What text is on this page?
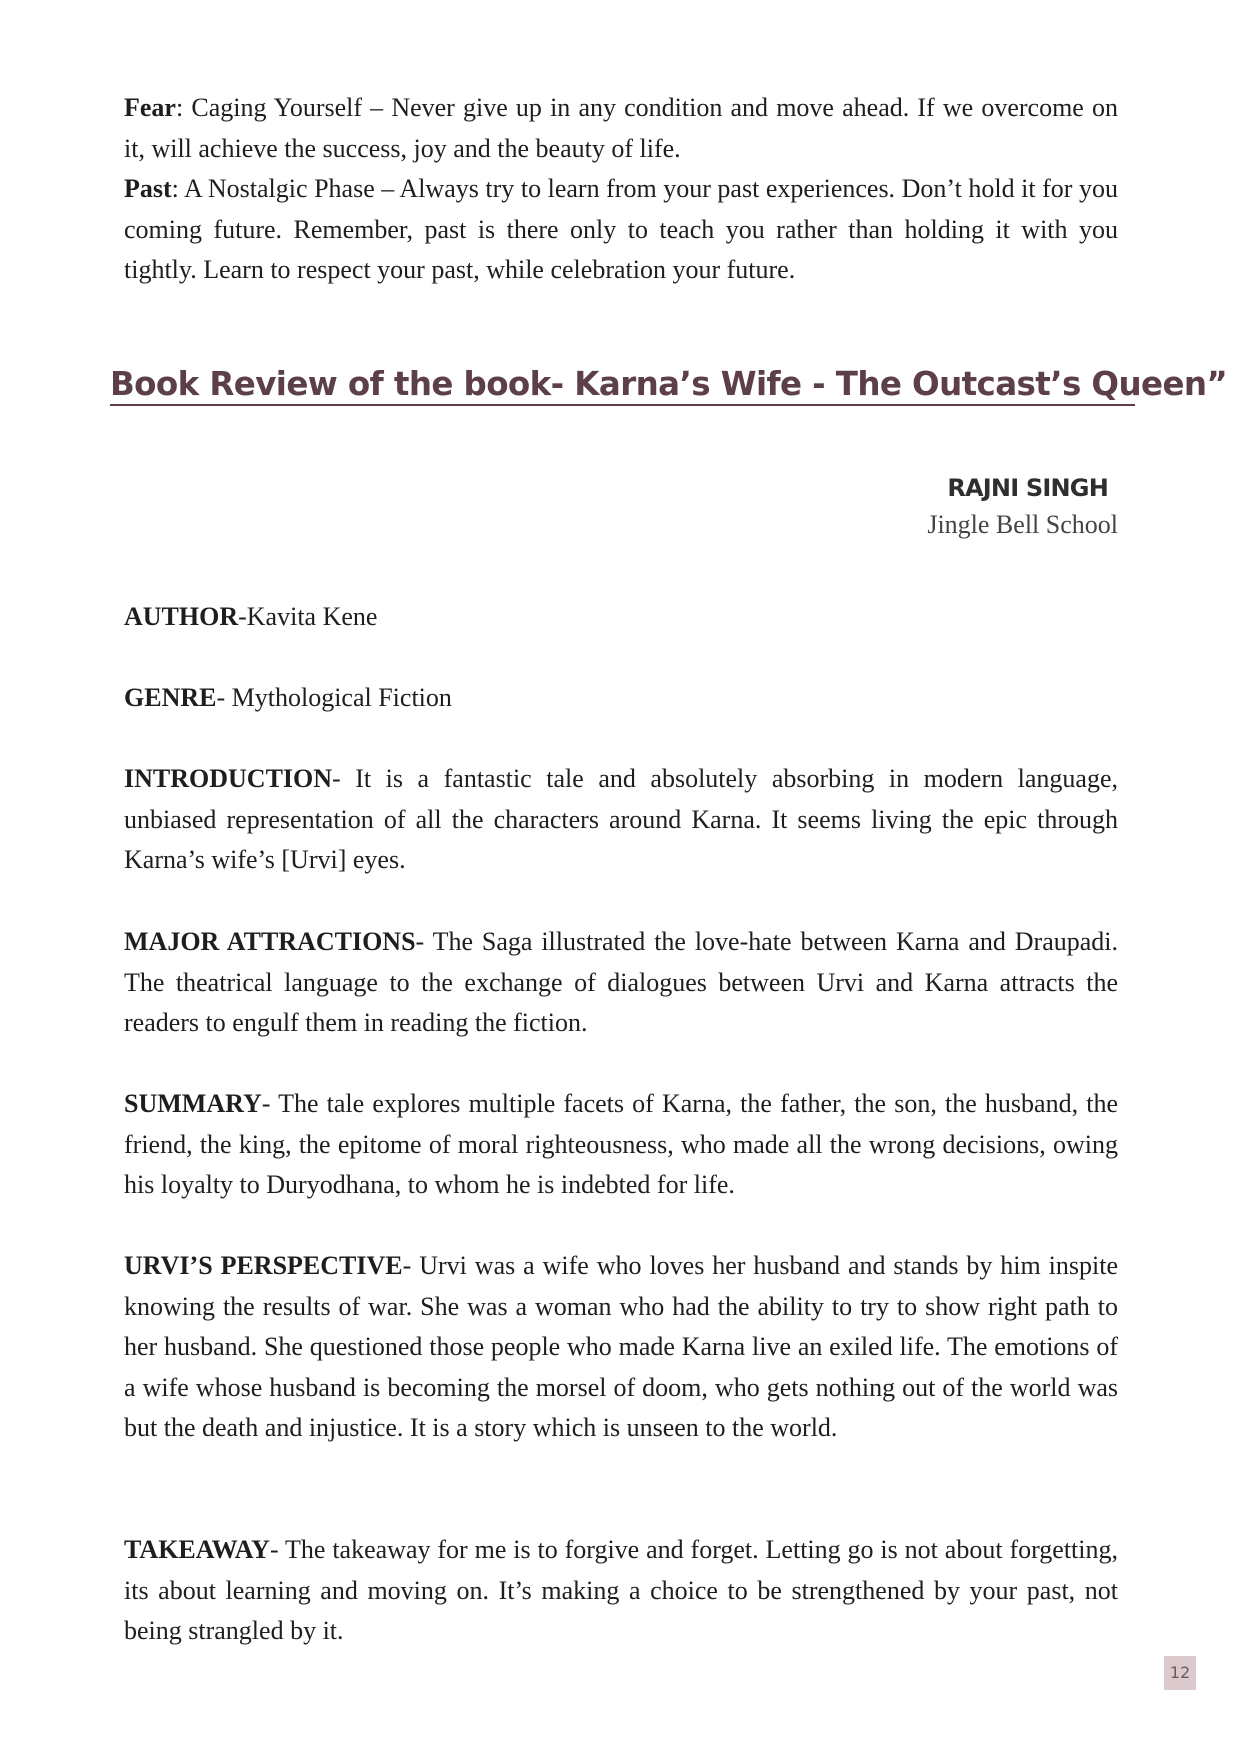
Fear: Caging Yourself – Never give up in any condition and move ahead. If we overcome on it, will achieve the success, joy and the beauty of life.

Past: A Nostalgic Phase – Always try to learn from your past experiences. Don’t hold it for you coming future. Remember, past is there only to teach you rather than holding it with you tightly. Learn to respect your past, while celebration your future.

Book Review of the book- Karna’s Wife - The Outcast’s Queen”
RAJNI SINGH
Jingle Bell School

AUTHOR-Kavita Kene

GENRE- Mythological Fiction

INTRODUCTION- It is a fantastic tale and absolutely absorbing in modern language, unbiased representation of all the characters around Karna. It seems living the epic through Karna’s wife’s [Urvi] eyes.

MAJOR ATTRACTIONS- The Saga illustrated the love-hate between Karna and Draupadi. The theatrical language to the exchange of dialogues between Urvi and Karna attracts the readers to engulf them in reading the fiction.

SUMMARY- The tale explores multiple facets of Karna, the father, the son, the husband, the friend, the king, the epitome of moral righteousness, who made all the wrong decisions, owing his loyalty to Duryodhana, to whom he is indebted for life.

URVI’S PERSPECTIVE- Urvi was a wife who loves her husband and stands by him inspite knowing the results of war. She was a woman who had the ability to try to show right path to her husband. She questioned those people who made Karna live an exiled life. The emotions of a wife whose husband is becoming the morsel of doom, who gets nothing out of the world was but the death and injustice. It is a story which is unseen to the world.

TAKEAWAY- The takeaway for me is to forgive and forget. Letting go is not about forgetting, its about learning and moving on. It’s making a choice to be strengthened by your past, not being strangled by it.

12
